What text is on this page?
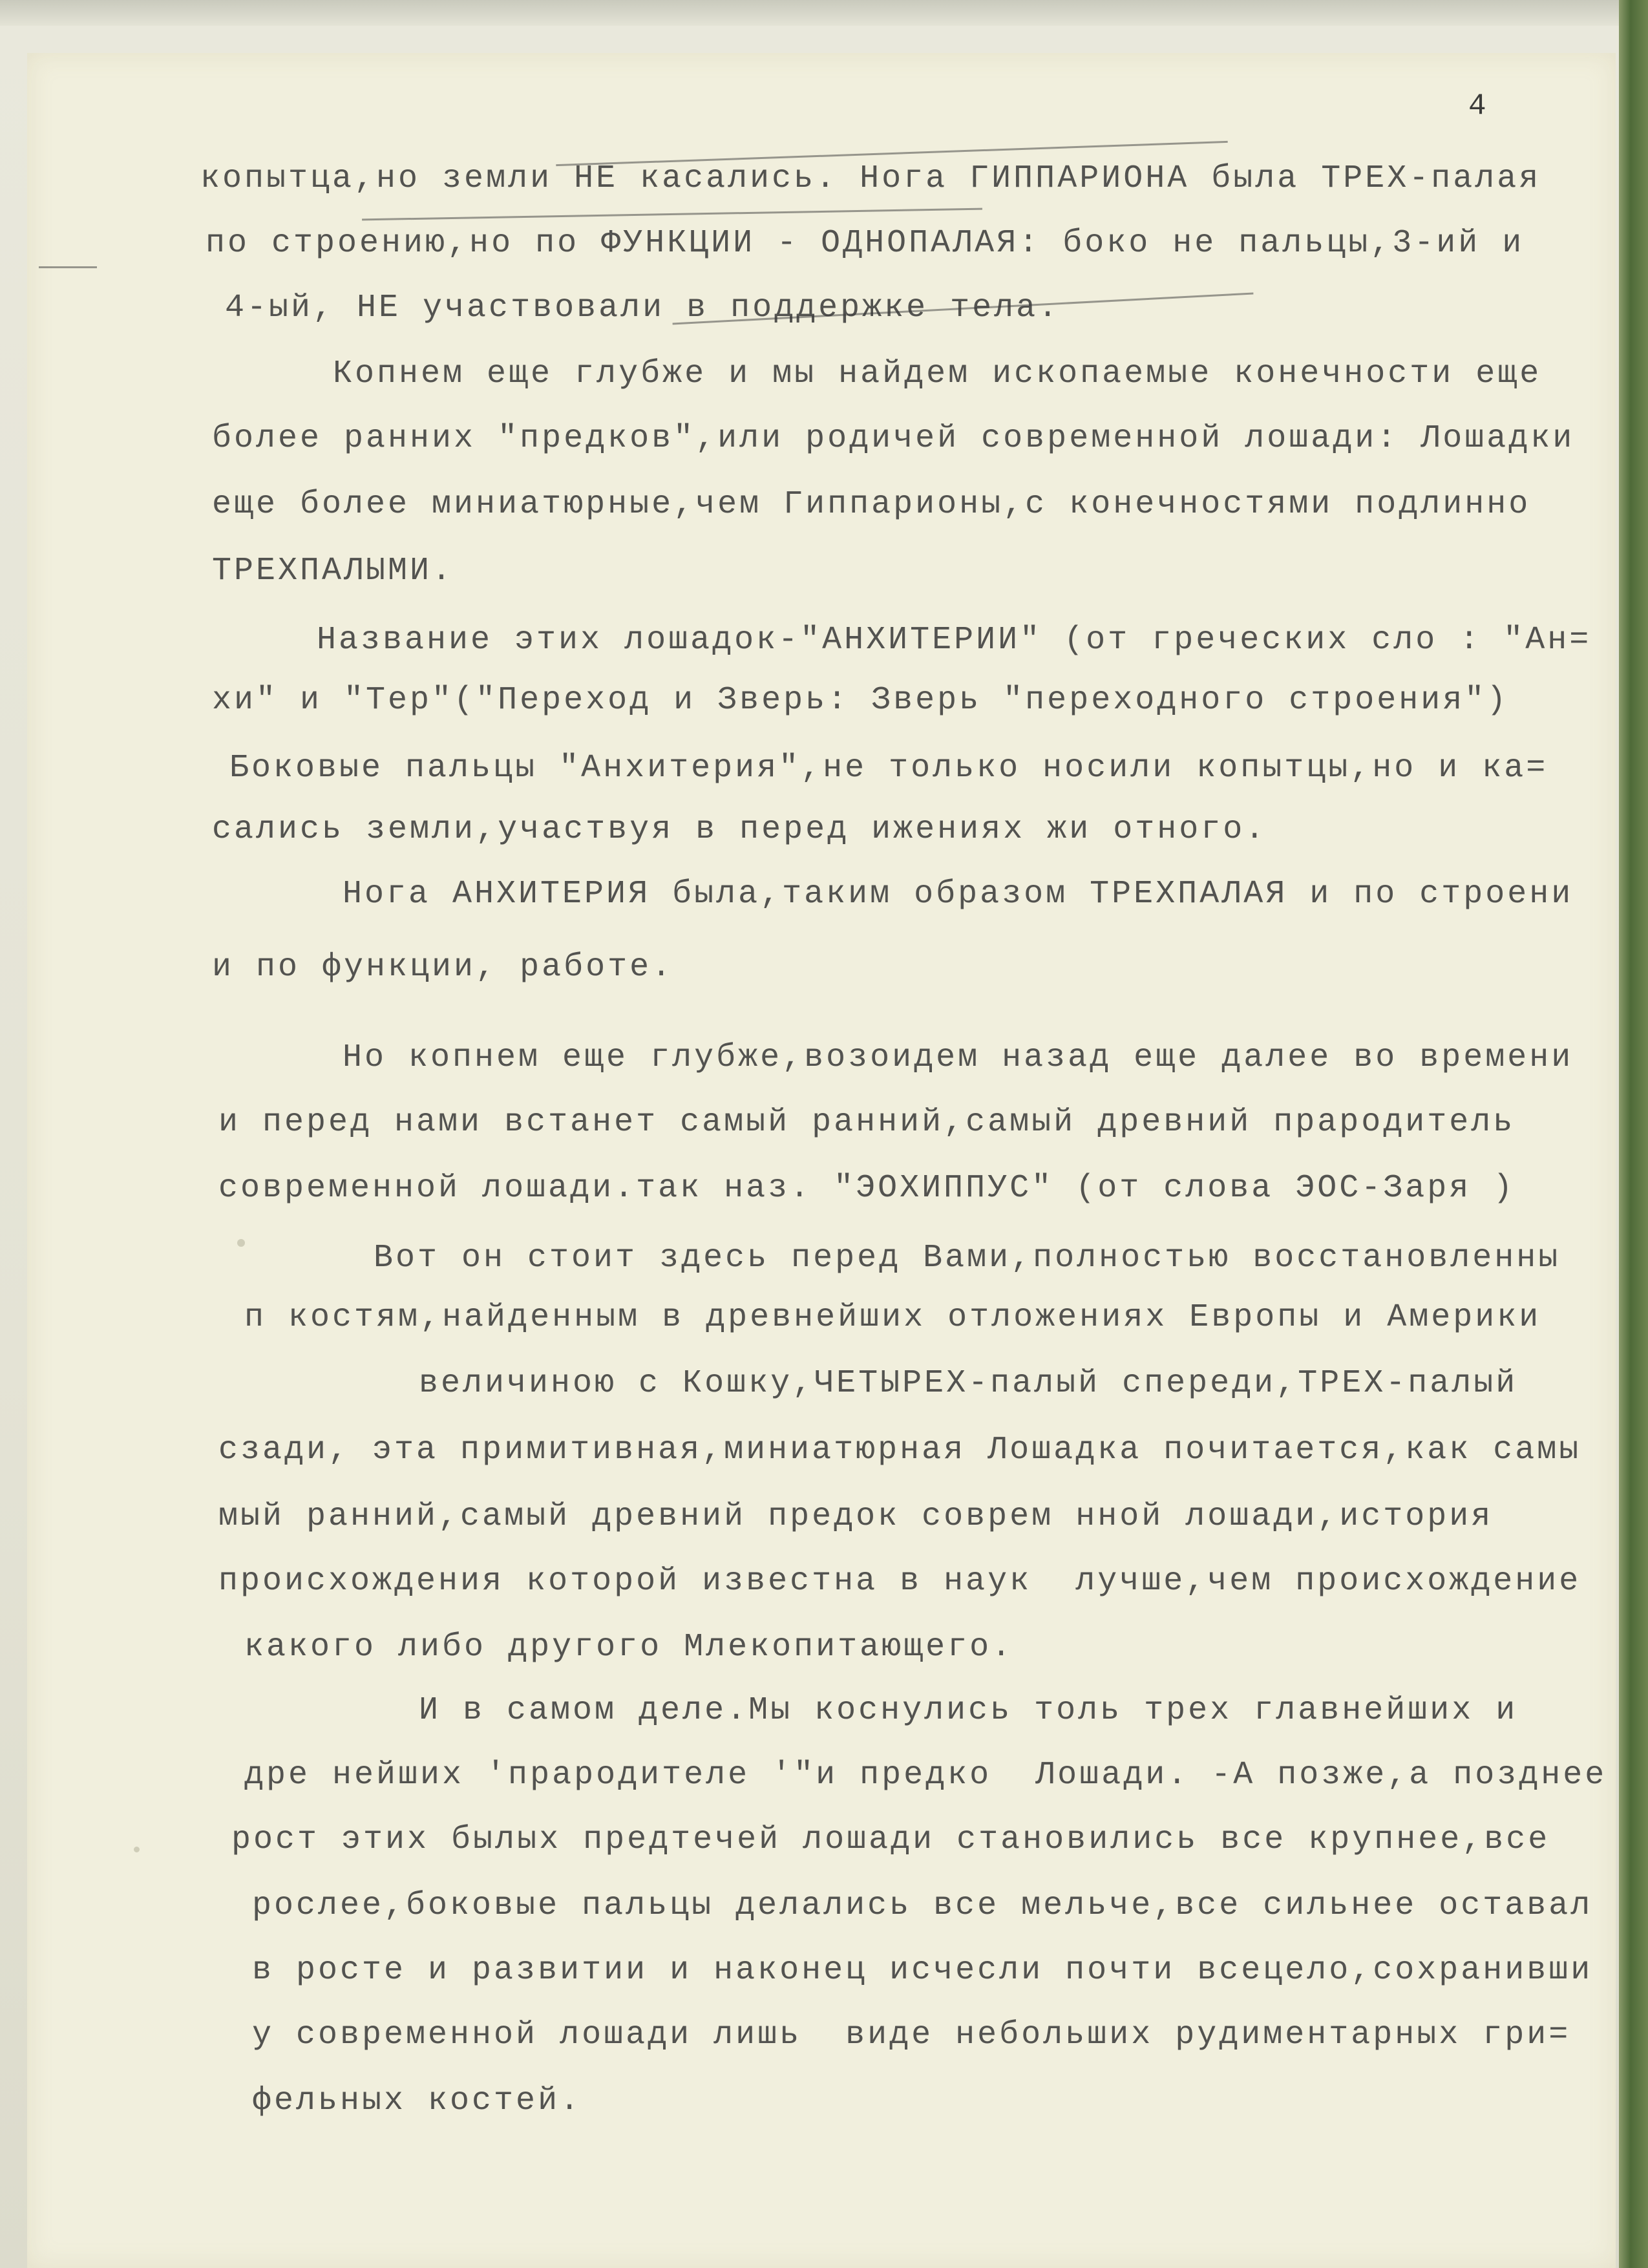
4
копытца,но земли НЕ касались. Нога ГИППАРИОНА была ТРЕХ-палая
по строению,но по ФУНКЦИИ - ОДНОПАЛАЯ: боко не пальцы,3-ий и
4-ый, НЕ участвовали в поддержке тела.
Копнем еще глубже и мы найдем ископаемые конечности еще
более ранних "предков",или родичей современной лошади: Лошадки
еще более миниатюрные,чем Гиппарионы,с конечностями подлинно
ТРЕХПАЛЫМИ.
Название этих лошадок-"АНХИТЕРИИ" (от греческих сло : "Ан=
хи" и "Тер"("Переход и Зверь: Зверь "переходного строения")
Боковые пальцы "Анхитерия",не только носили копытцы,но и ка=
сались земли,участвуя в перед ижениях жи отного.
Нога АНХИТЕРИЯ была,таким образом ТРЕХПАЛАЯ и по строени
и по функции, работе.
Но копнем еще глубже,возоидем назад еще далее во времени
и перед нами встанет самый ранний,самый древний прародитель
современной лошади.так наз. "ЭОХИППУС" (от слова ЭОС-Заря )
Вот он стоит здесь перед Вами,полностью восстановленны
п костям,найденным в древнейших отложениях Европы и Америки
величиною с Кошку,ЧЕТЫРЕХ-палый спереди,ТРЕХ-палый
сзади, эта примитивная,миниатюрная Лошадка почитается,как самы
мый ранний,самый древний предок соврем нной лошади,история
происхождения которой известна в наук  лучше,чем происхождение
какого либо другого Млекопитающего.
И в самом деле.Мы коснулись толь трех главнейших и
дре нейших 'прародителе '"и предко  Лошади. -А позже,а позднее
рост этих былых предтечей лошади становились все крупнее,все
рослее,боковые пальцы делались все мельче,все сильнее оставал
в росте и развитии и наконец исчесли почти всецело,сохранивши
у современной лошади лишь  виде небольших рудиментарных гри=
фельных костей.
